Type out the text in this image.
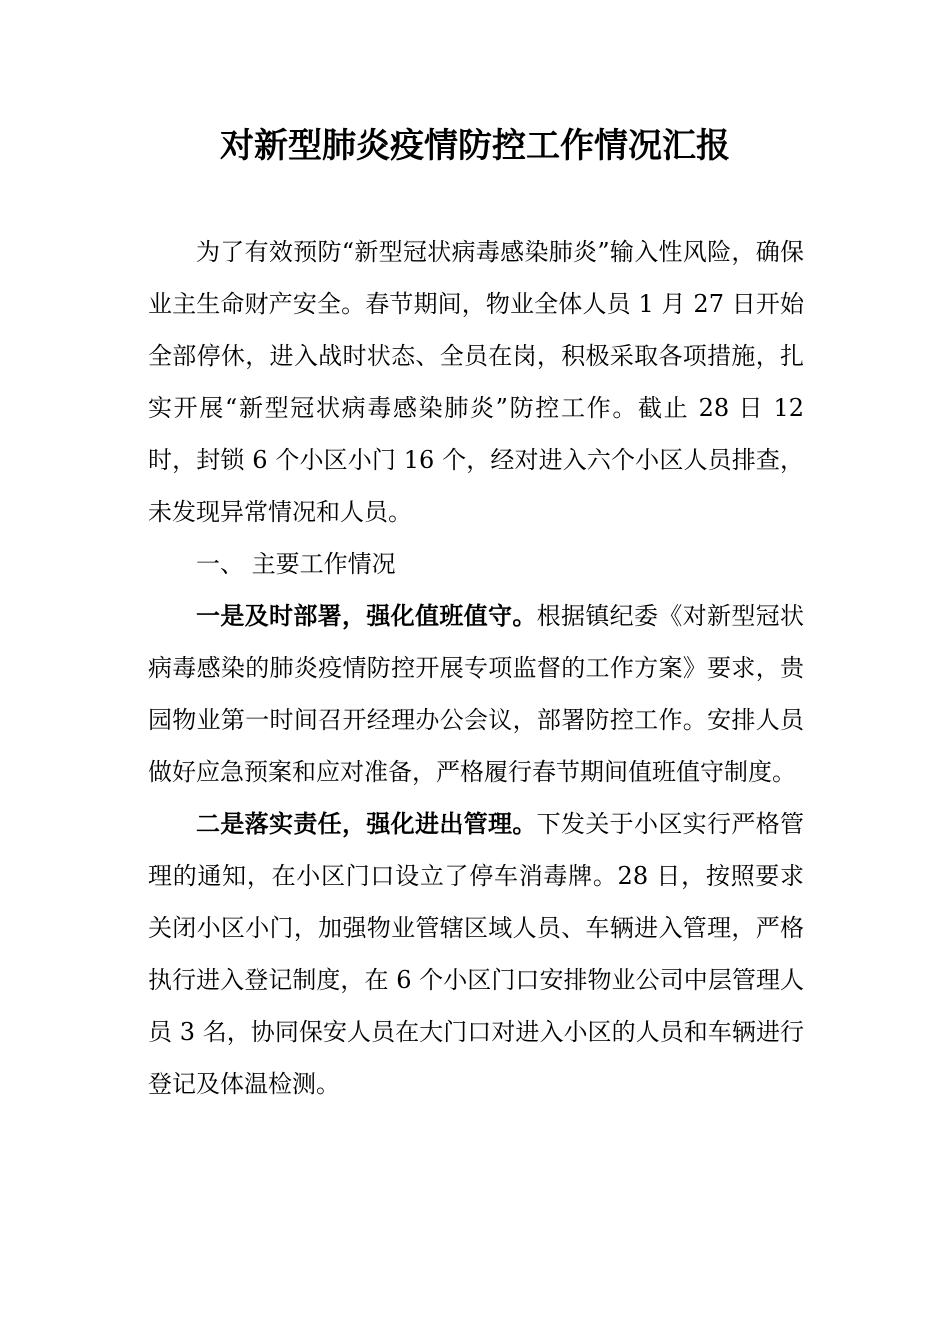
对新型肺炎疫情防控工作情况汇报

为了有效预防“新型冠状病毒感染肺炎”输入性风险，确保业主生命财产安全。春节期间，物业全体人员 1 月 27 日开始全部停休，进入战时状态、全员在岗，积极采取各项措施，扎实开展“新型冠状病毒感染肺炎”防控工作。截止 28 日 12 时，封锁 6 个小区小门 16 个，经对进入六个小区人员排查，未发现异常情况和人员。

一、 主要工作情况

一是及时部署，强化值班值守。根据镇纪委《对新型冠状病毒感染的肺炎疫情防控开展专项监督的工作方案》要求，贵园物业第一时间召开经理办公会议，部署防控工作。安排人员做好应急预案和应对准备，严格履行春节期间值班值守制度。

二是落实责任，强化进出管理。下发关于小区实行严格管理的通知，在小区门口设立了停车消毒牌。28 日，按照要求关闭小区小门，加强物业管辖区域人员、车辆进入管理，严格执行进入登记制度，在 6 个小区门口安排物业公司中层管理人员 3 名，协同保安人员在大门口对进入小区的人员和车辆进行登记及体温检测。
